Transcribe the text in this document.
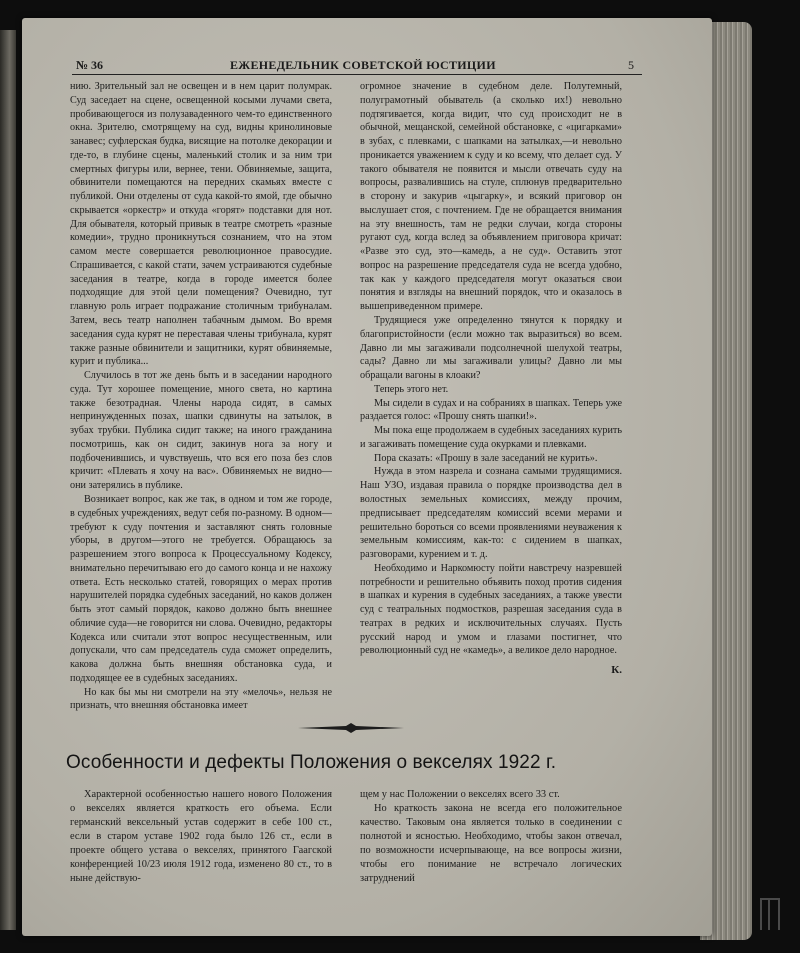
№ 36	ЕЖЕНЕДЕЛЬНИК СОВЕТСКОЙ ЮСТИЦИИ	5

нию. Зрительный зал не освещен и в нем царит полумрак. Суд заседает на сцене, освещенной косыми лучами света, пробивающегося из полузаваденного чем-то единственного окна. Зрителю, смотрящему на суд, видны кринолиновые занавес; суфлерская будка, висящие на потолке декорации и где-то, в глубине сцены, маленький столик и за ним три смертных фигуры или, вернее, тени. Обвиняемые, защита, обвинители помещаются на передних скамьях вместе с публикой. Они отделены от суда какой-то ямой, где обычно скрывается «оркестр» и откуда «горят» подставки для нот. Для обывателя, который привык в театре смотреть «разные комедии», трудно проникнуться сознанием, что на этом самом месте совершается революционное правосудие. Спрашивается, с какой стати, зачем устраиваются судебные заседания в театре, когда в городе имеется более подходящие для этой цели помещения? Очевидно, тут главную роль играет подражание столичным трибуналам. Затем, весь театр наполнен табачным дымом. Во время заседания суда курят не переставая члены трибунала, курят также разные обвинители и защитники, курят обвиняемые, курит и публика...

Случилось в тот же день быть и в заседании народного суда. Тут хорошее помещение, много света, но картина также безотрадная. Члены народа сидят, в самых непринужденных позах, шапки сдвинуты на затылок, в зубах трубки. Публика сидит также; на иного гражданина посмотришь, как он сидит, закинув нога за ногу и подбоченившись, и чувствуешь, что вся его поза без слов кричит: «Плевать я хочу на вас». Обвиняемых не видно—они затерялись в публике.

Возникает вопрос, как же так, в одном и том же городе, в судебных учреждениях, ведут себя по-разному. В одном—требуют к суду почтения и заставляют снять головные уборы, в другом—этого не требуется. Обращаюсь за разрешением этого вопроса к Процессуальному Кодексу, внимательно перечитываю его до самого конца и не нахожу ответа. Есть несколько статей, говорящих о мерах против нарушителей порядка судебных заседаний, но каков должен быть этот самый порядок, каково должно быть внешнее обличие суда—не говорится ни слова. Очевидно, редакторы Кодекса или считали этот вопрос несущественным, или допускали, что сам председатель суда сможет определить, какова должна быть внешняя обстановка суда, и подходящее ее в судебных заседаниях.

Но как бы мы ни смотрели на эту «мелочь», нельзя не признать, что внешняя обстановка имеет

огромное значение в судебном деле. Полутемный, полуграмотный обыватель (а сколько их!) невольно подтягивается, когда видит, что суд происходит не в обычной, мещанской, семейной обстановке, с «цигарками» в зубах, с плевками, с шапками на затылках,—и невольно проникается уважением к суду и ко всему, что делает суд. У такого обывателя не появится и мысли отвечать суду на вопросы, развалившись на стуле, сплюнув предварительно в сторону и закурив «цыгарку», и всякий приговор он выслушает стоя, с почтением. Где не обращается внимания на эту внешность, там не редки случаи, когда стороны ругают суд, когда вслед за объявлением приговора кричат: «Разве это суд, это—камедь, а не суд». Оставить этот вопрос на разрешение председателя суда не всегда удобно, так как у каждого председателя могут оказаться свои понятия и взгляды на внешний порядок, что и оказалось в вышеприведенном примере.

Трудящиеся уже определенно тянутся к порядку и благопристойности (если можно так выразиться) во всем. Давно ли мы загаживали подсолнечной шелухой театры, сады? Давно ли мы загаживали улицы? Давно ли мы обращали вагоны в клоаки?

Теперь этого нет.

Мы сидели в судах и на собраниях в шапках. Теперь уже раздается голос: «Прошу снять шапки!».

Мы пока еще продолжаем в судебных заседаниях курить и загаживать помещение суда окурками и плевками.

Пора сказать: «Прошу в зале заседаний не курить».

Нужда в этом назрела и сознана самыми трудящимися. Наш УЗО, издавая правила о порядке производства дел в волостных земельных комиссиях, между прочим, предписывает председателям комиссий всеми мерами и решительно бороться со всеми проявлениями неуважения к земельным комиссиям, как-то: с сидением в шапках, разговорами, курением и т. д.

Необходимо и Наркомюсту пойти навстречу назревшей потребности и решительно объявить поход против сидения в шапках и курения в судебных заседаниях, а также увести суд с театральных подмостков, разрешая заседания суда в театрах в редких и исключительных случаях. Пусть русский народ и умом и глазами постигнет, что революционный суд не «камедь», а великое дело народное.

К.

Особенности и дефекты Положения о векселях 1922 г.

Характерной особенностью нашего нового Положения о векселях является краткость его объема. Если германский вексельный устав содержит в себе 100 ст., если в старом уставе 1902 года было 126 ст., если в проекте общего устава о векселях, принятого Гаагской конференцией 10/23 июля 1912 года, изменено 80 ст., то в ныне действую-

щем у нас Положении о векселях всего 33 ст.

Но краткость закона не всегда его положительное качество. Таковым она является только в соединении с полнотой и ясностью. Необходимо, чтобы закон отвечал, по возможности исчерпывающе, на все вопросы жизни, чтобы его понимание не встречало логических затруднений
